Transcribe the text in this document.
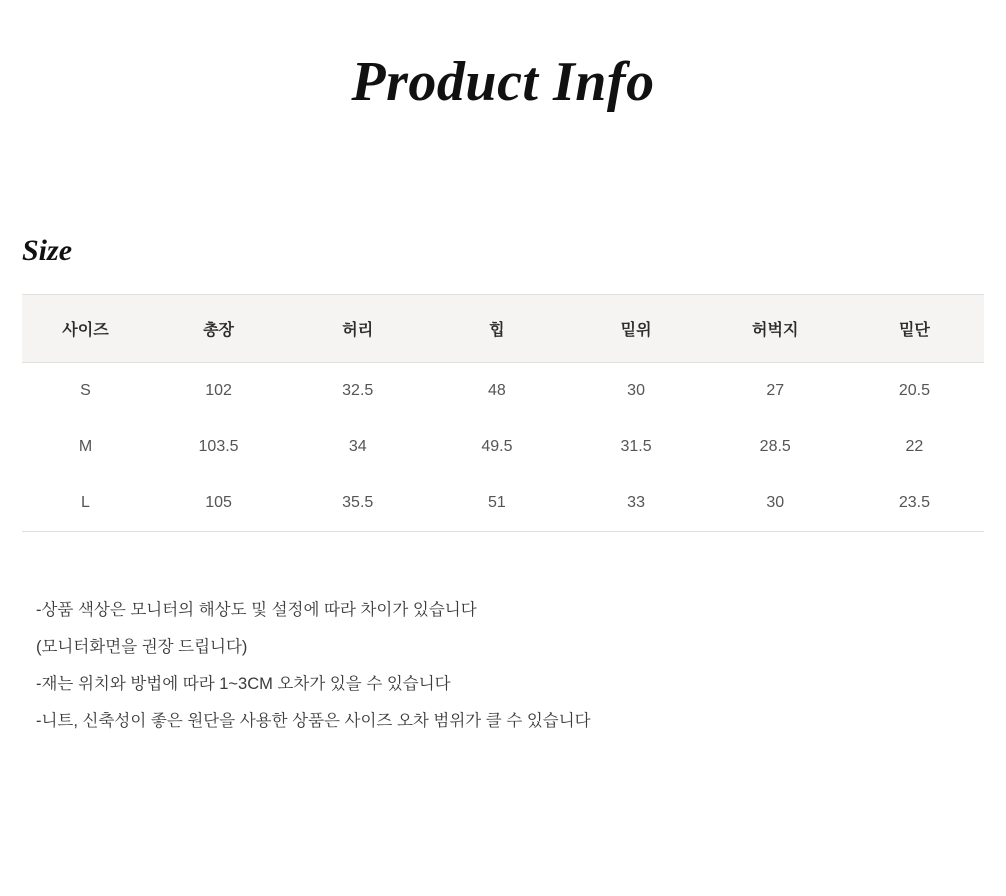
Product Info
Size
사이즈	총장	허리	힙	밑위	허벅지	밑단
S	102	32.5	48	30	27	20.5
M	103.5	34	49.5	31.5	28.5	22
L	105	35.5	51	33	30	23.5
-상품 색상은 모니터의 해상도 및 설정에 따라 차이가 있습니다
(모니터화면을 권장 드립니다)
-재는 위치와 방법에 따라 1~3CM 오차가 있을 수 있습니다
-니트, 신축성이 좋은 원단을 사용한 상품은 사이즈 오차 범위가 클 수 있습니다
